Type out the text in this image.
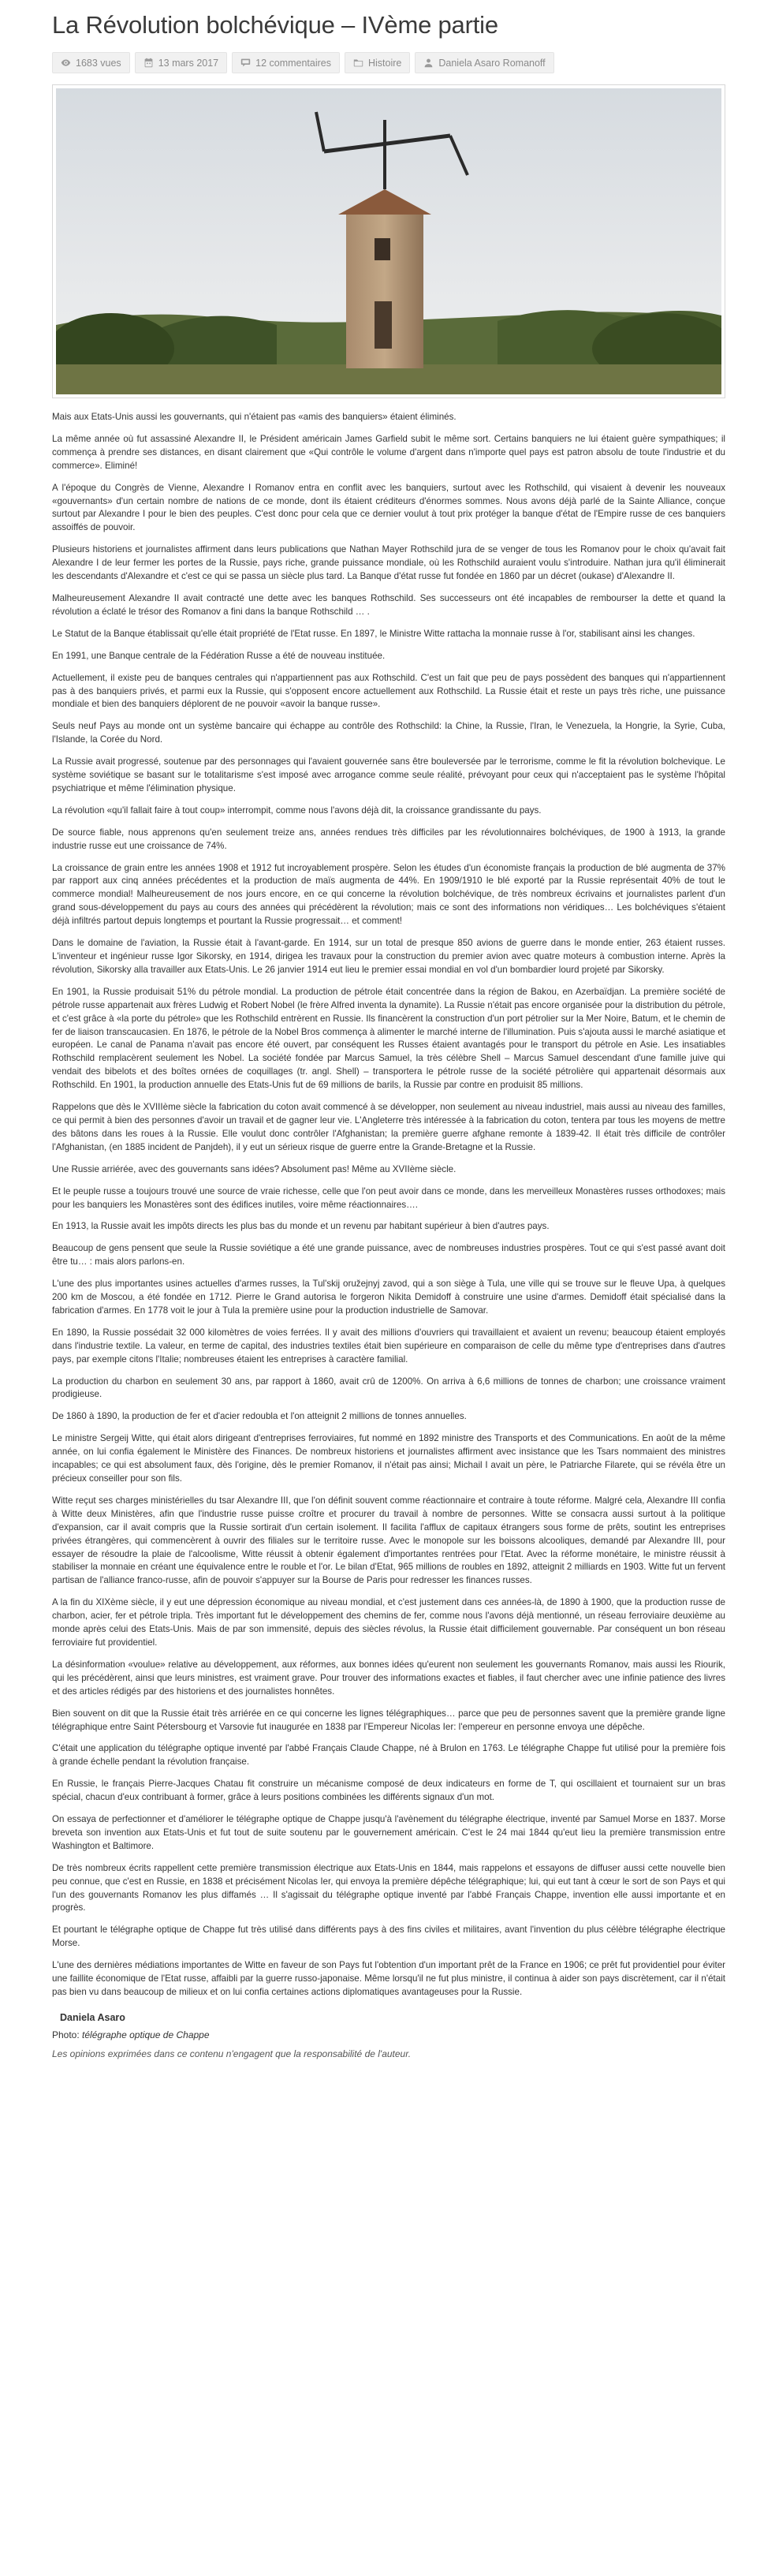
La Révolution bolchévique – IVème partie
1683 vues	13 mars 2017	12 commentaires	Histoire	Daniela Asaro Romanoff

Mais aux Etats-Unis aussi les gouvernants, qui n'étaient pas «amis des banquiers» étaient éliminés.

La même année où fut assassiné Alexandre II, le Président américain James Garfield subit le même sort. Certains banquiers ne lui étaient guère sympathiques; il commença à prendre ses distances, en disant clairement que «Qui contrôle le volume d'argent dans n'importe quel pays est patron absolu de toute l'industrie et du commerce». Eliminé!

A l'époque du Congrès de Vienne, Alexandre I Romanov entra en conflit avec les banquiers, surtout avec les Rothschild, qui visaient à devenir les nouveaux «gouvernants» d'un certain nombre de nations de ce monde, dont ils étaient créditeurs d'énormes sommes. Nous avons déjà parlé de la Sainte Alliance, conçue surtout par Alexandre I pour le bien des peuples. C'est donc pour cela que ce dernier voulut à tout prix protéger la banque d'état de l'Empire russe de ces banquiers assoiffés de pouvoir.

Plusieurs historiens et journalistes affirment dans leurs publications que Nathan Mayer Rothschild jura de se venger de tous les Romanov pour le choix qu'avait fait Alexandre I de leur fermer les portes de la Russie, pays riche, grande puissance mondiale, où les Rothschild auraient voulu s'introduire. Nathan jura qu'il éliminerait les descendants d'Alexandre et c'est ce qui se passa un siècle plus tard. La Banque d'état russe fut fondée en 1860 par un décret (oukase) d'Alexandre II.

Malheureusement Alexandre II avait contracté une dette avec les banques Rothschild. Ses successeurs ont été incapables de rembourser la dette et quand la révolution a éclaté le trésor des Romanov a fini dans la banque Rothschild … .

Le Statut de la Banque établissait qu'elle était propriété de l'Etat russe. En 1897, le Ministre Witte rattacha la monnaie russe à l'or, stabilisant ainsi les changes.

En 1991, une Banque centrale de la Fédération Russe a été de nouveau instituée.

Actuellement, il existe peu de banques centrales qui n'appartiennent pas aux Rothschild. C'est un fait que peu de pays possèdent des banques qui n'appartiennent pas à des banquiers privés, et parmi eux la Russie, qui s'opposent encore actuellement aux Rothschild. La Russie était et reste un pays très riche, une puissance mondiale et bien des banquiers déplorent de ne pouvoir «avoir la banque russe».

Seuls neuf Pays au monde ont un système bancaire qui échappe au contrôle des Rothschild: la Chine, la Russie, l'Iran, le Venezuela, la Hongrie, la Syrie, Cuba, l'Islande, la Corée du Nord.

La Russie avait progressé, soutenue par des personnages qui l'avaient gouvernée sans être bouleversée par le terrorisme, comme le fit la révolution bolchevique. Le système soviétique se basant sur le totalitarisme s'est imposé avec arrogance comme seule réalité, prévoyant pour ceux qui n'acceptaient pas le système l'hôpital psychiatrique et même l'élimination physique.

La révolution «qu'il fallait faire à tout coup» interrompit, comme nous l'avons déjà dit, la croissance grandissante du pays.

De source fiable, nous apprenons qu'en seulement treize ans, années rendues très difficiles par les révolutionnaires bolchéviques, de 1900 à 1913, la grande industrie russe eut une croissance de 74%.

La croissance de grain entre les années 1908 et 1912 fut incroyablement prospère. Selon les études d'un économiste français la production de blé augmenta de 37% par rapport aux cinq années précédentes et la production de maïs augmenta de 44%. En 1909/1910 le blé exporté par la Russie représentait 40% de tout le commerce mondial! Malheureusement de nos jours encore, en ce qui concerne la révolution bolchévique, de très nombreux écrivains et journalistes parlent d'un grand sous-développement du pays au cours des années qui précédèrent la révolution; mais ce sont des informations non véridiques… Les bolchéviques s'étaient déjà infiltrés partout depuis longtemps et pourtant la Russie progressait… et comment!

Dans le domaine de l'aviation, la Russie était à l'avant-garde. En 1914, sur un total de presque 850 avions de guerre dans le monde entier, 263 étaient russes. L'inventeur et ingénieur russe Igor Sikorsky, en 1914, dirigea les travaux pour la construction du premier avion avec quatre moteurs à combustion interne. Après la révolution, Sikorsky alla travailler aux Etats-Unis. Le 26 janvier 1914 eut lieu le premier essai mondial en vol d'un bombardier lourd projeté par Sikorsky.

En 1901, la Russie produisait 51% du pétrole mondial. La production de pétrole était concentrée dans la région de Bakou, en Azerbaïdjan. La première société de pétrole russe appartenait aux frères Ludwig et Robert Nobel (le frère Alfred inventa la dynamite). La Russie n'était pas encore organisée pour la distribution du pétrole, et c'est grâce à «la porte du pétrole» que les Rothschild entrèrent en Russie. Ils financèrent la construction d'un port pétrolier sur la Mer Noire, Batum, et le chemin de fer de liaison transcaucasien. En 1876, le pétrole de la Nobel Bros commença à alimenter le marché interne de l'illumination. Puis s'ajouta aussi le marché asiatique et européen. Le canal de Panama n'avait pas encore été ouvert, par conséquent les Russes étaient avantagés pour le transport du pétrole en Asie. Les insatiables Rothschild remplacèrent seulement les Nobel. La société fondée par Marcus Samuel, la très célèbre Shell – Marcus Samuel descendant d'une famille juive qui vendait des bibelots et des boîtes ornées de coquillages (tr. angl. Shell) – transportera le pétrole russe de la société pétrolière qui appartenait désormais aux Rothschild. En 1901, la production annuelle des Etats-Unis fut de 69 millions de barils, la Russie par contre en produisit 85 millions.

Rappelons que dès le XVIIIème siècle la fabrication du coton avait commencé à se développer, non seulement au niveau industriel, mais aussi au niveau des familles, ce qui permit à bien des personnes d'avoir un travail et de gagner leur vie. L'Angleterre très intéressée à la fabrication du coton, tentera par tous les moyens de mettre des bâtons dans les roues à la Russie. Elle voulut donc contrôler l'Afghanistan; la première guerre afghane remonte à 1839-42. Il était très difficile de contrôler l'Afghanistan, (en 1885 incident de Panjdeh), il y eut un sérieux risque de guerre entre la Grande-Bretagne et la Russie.

Une Russie arriérée, avec des gouvernants sans idées? Absolument pas! Même au XVIIème siècle.

Et le peuple russe a toujours trouvé une source de vraie richesse, celle que l'on peut avoir dans ce monde, dans les merveilleux Monastères russes orthodoxes; mais pour les banquiers les Monastères sont des édifices inutiles, voire même réactionnaires….

En 1913, la Russie avait les impôts directs les plus bas du monde et un revenu par habitant supérieur à bien d'autres pays.

Beaucoup de gens pensent que seule la Russie soviétique a été une grande puissance, avec de nombreuses industries prospères. Tout ce qui s'est passé avant doit être tu… : mais alors parlons-en.

L'une des plus importantes usines actuelles d'armes russes, la Tul'skij oružejnyj zavod, qui a son siège à Tula, une ville qui se trouve sur le fleuve Upa, à quelques 200 km de Moscou, a été fondée en 1712. Pierre le Grand autorisa le forgeron Nikita Demidoff à construire une usine d'armes. Demidoff était spécialisé dans la fabrication d'armes. En 1778 voit le jour à Tula la première usine pour la production industrielle de Samovar.

En 1890, la Russie possédait 32 000 kilomètres de voies ferrées. Il y avait des millions d'ouvriers qui travaillaient et avaient un revenu; beaucoup étaient employés dans l'industrie textile. La valeur, en terme de capital, des industries textiles était bien supérieure en comparaison de celle du même type d'entreprises dans d'autres pays, par exemple citons l'Italie; nombreuses étaient les entreprises à caractère familial.

La production du charbon en seulement 30 ans, par rapport à 1860, avait crû de 1200%. On arriva à 6,6 millions de tonnes de charbon; une croissance vraiment prodigieuse.

De 1860 à 1890, la production de fer et d'acier redoubla et l'on atteignit 2 millions de tonnes annuelles.

Le ministre Sergeij Witte, qui était alors dirigeant d'entreprises ferroviaires, fut nommé en 1892 ministre des Transports et des Communications. En août de la même année, on lui confia également le Ministère des Finances. De nombreux historiens et journalistes affirment avec insistance que les Tsars nommaient des ministres incapables; ce qui est absolument faux, dès l'origine, dès le premier Romanov, il n'était pas ainsi; Michail I avait un père, le Patriarche Filarete, qui se révéla être un précieux conseiller pour son fils.

Witte reçut ses charges ministérielles du tsar Alexandre III, que l'on définit souvent comme réactionnaire et contraire à toute réforme. Malgré cela, Alexandre III confia à Witte deux Ministères, afin que l'industrie russe puisse croître et procurer du travail à nombre de personnes. Witte se consacra aussi surtout à la politique d'expansion, car il avait compris que la Russie sortirait d'un certain isolement. Il facilita l'afflux de capitaux étrangers sous forme de prêts, soutint les entreprises privées étrangères, qui commencèrent à ouvrir des filiales sur le territoire russe. Avec le monopole sur les boissons alcooliques, demandé par Alexandre III, pour essayer de résoudre la plaie de l'alcoolisme, Witte réussit à obtenir également d'importantes rentrées pour l'Etat. Avec la réforme monétaire, le ministre réussit à stabiliser la monnaie en créant une équivalence entre le rouble et l'or. Le bilan d'Etat, 965 millions de roubles en 1892, atteignit 2 milliards en 1903. Witte fut un fervent partisan de l'alliance franco-russe, afin de pouvoir s'appuyer sur la Bourse de Paris pour redresser les finances russes.

A la fin du XIXème siècle, il y eut une dépression économique au niveau mondial, et c'est justement dans ces années-là, de 1890 à 1900, que la production russe de charbon, acier, fer et pétrole tripla. Très important fut le développement des chemins de fer, comme nous l'avons déjà mentionné, un réseau ferroviaire deuxième au monde après celui des Etats-Unis. Mais de par son immensité, depuis des siècles révolus, la Russie était difficilement gouvernable. Par conséquent un bon réseau ferroviaire fut providentiel.

La désinformation «voulue» relative au développement, aux réformes, aux bonnes idées qu'eurent non seulement les gouvernants Romanov, mais aussi les Riourik, qui les précédèrent, ainsi que leurs ministres, est vraiment grave. Pour trouver des informations exactes et fiables, il faut chercher avec une infinie patience des livres et des articles rédigés par des historiens et des journalistes honnêtes.

Bien souvent on dit que la Russie était très arriérée en ce qui concerne les lignes télégraphiques… parce que peu de personnes savent que la première grande ligne télégraphique entre Saint Pétersbourg et Varsovie fut inaugurée en 1838 par l'Empereur Nicolas Ier: l'empereur en personne envoya une dépêche.

C'était une application du télégraphe optique inventé par l'abbé Français Claude Chappe, né à Brulon en 1763. Le télégraphe Chappe fut utilisé pour la première fois à grande échelle pendant la révolution française.

En Russie, le français Pierre-Jacques Chatau fit construire un mécanisme composé de deux indicateurs en forme de T, qui oscillaient et tournaient sur un bras spécial, chacun d'eux contribuant à former, grâce à leurs positions combinées les différents signaux d'un mot.

On essaya de perfectionner et d'améliorer le télégraphe optique de Chappe jusqu'à l'avènement du télégraphe électrique, inventé par Samuel Morse en 1837. Morse breveta son invention aux Etats-Unis et fut tout de suite soutenu par le gouvernement américain. C'est le 24 mai 1844 qu'eut lieu la première transmission entre Washington et Baltimore.

De très nombreux écrits rappellent cette première transmission électrique aux Etats-Unis en 1844, mais rappelons et essayons de diffuser aussi cette nouvelle bien peu connue, que c'est en Russie, en 1838 et précisément Nicolas Ier, qui envoya la première dépêche télégraphique; lui, qui eut tant à cœur le sort de son Pays et qui l'un des gouvernants Romanov les plus diffamés … Il s'agissait du télégraphe optique inventé par l'abbé Français Chappe, invention elle aussi importante et en progrès.

Et pourtant le télégraphe optique de Chappe fut très utilisé dans différents pays à des fins civiles et militaires, avant l'invention du plus célèbre télégraphe électrique Morse.

L'une des dernières médiations importantes de Witte en faveur de son Pays fut l'obtention d'un important prêt de la France en 1906; ce prêt fut providentiel pour éviter une faillite économique de l'Etat russe, affaibli par la guerre russo-japonaise. Même lorsqu'il ne fut plus ministre, il continua à aider son pays discrètement, car il n'était pas bien vu dans beaucoup de milieux et on lui confia certaines actions diplomatiques avantageuses pour la Russie.

Daniela Asaro
Photo: télégraphe optique de Chappe
Les opinions exprimées dans ce contenu n'engagent que la responsabilité de l'auteur.
